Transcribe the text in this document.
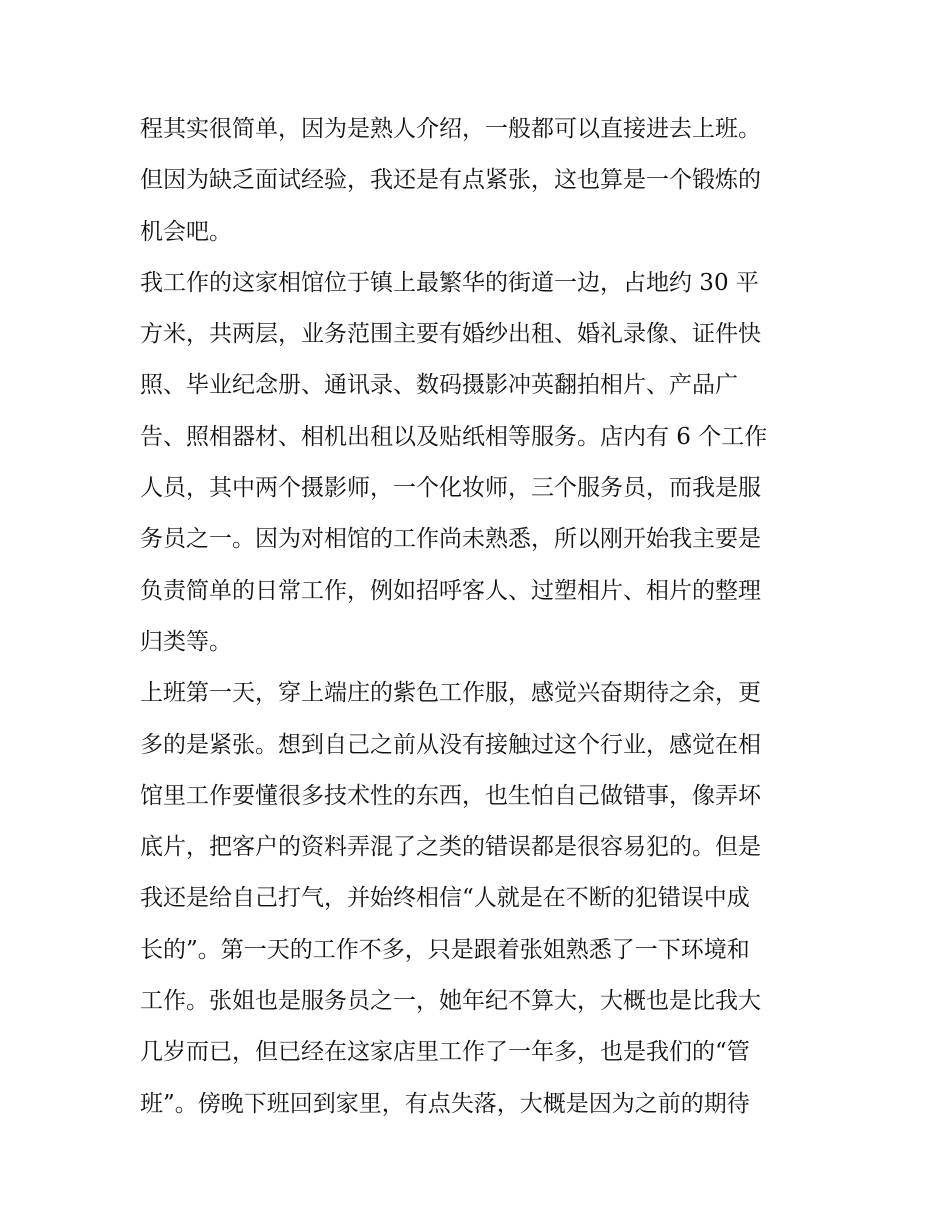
程其实很简单，因为是熟人介绍，一般都可以直接进去上班。
但因为缺乏面试经验，我还是有点紧张，这也算是一个锻炼的
机会吧。
我工作的这家相馆位于镇上最繁华的街道一边，占地约 30 平
方米，共两层，业务范围主要有婚纱出租、婚礼录像、证件快
照、毕业纪念册、通讯录、数码摄影冲英翻拍相片、产品广
告、照相器材、相机出租以及贴纸相等服务。店内有 6 个工作
人员，其中两个摄影师，一个化妆师，三个服务员，而我是服
务员之一。因为对相馆的工作尚未熟悉，所以刚开始我主要是
负责简单的日常工作，例如招呼客人、过塑相片、相片的整理
归类等。
上班第一天，穿上端庄的紫色工作服，感觉兴奋期待之余，更
多的是紧张。想到自己之前从没有接触过这个行业，感觉在相
馆里工作要懂很多技术性的东西，也生怕自己做错事，像弄坏
底片，把客户的资料弄混了之类的错误都是很容易犯的。但是
我还是给自己打气，并始终相信“人就是在不断的犯错误中成
长的”。第一天的工作不多，只是跟着张姐熟悉了一下环境和
工作。张姐也是服务员之一，她年纪不算大，大概也是比我大
几岁而已，但已经在这家店里工作了一年多，也是我们的“管
班”。傍晚下班回到家里，有点失落，大概是因为之前的期待
